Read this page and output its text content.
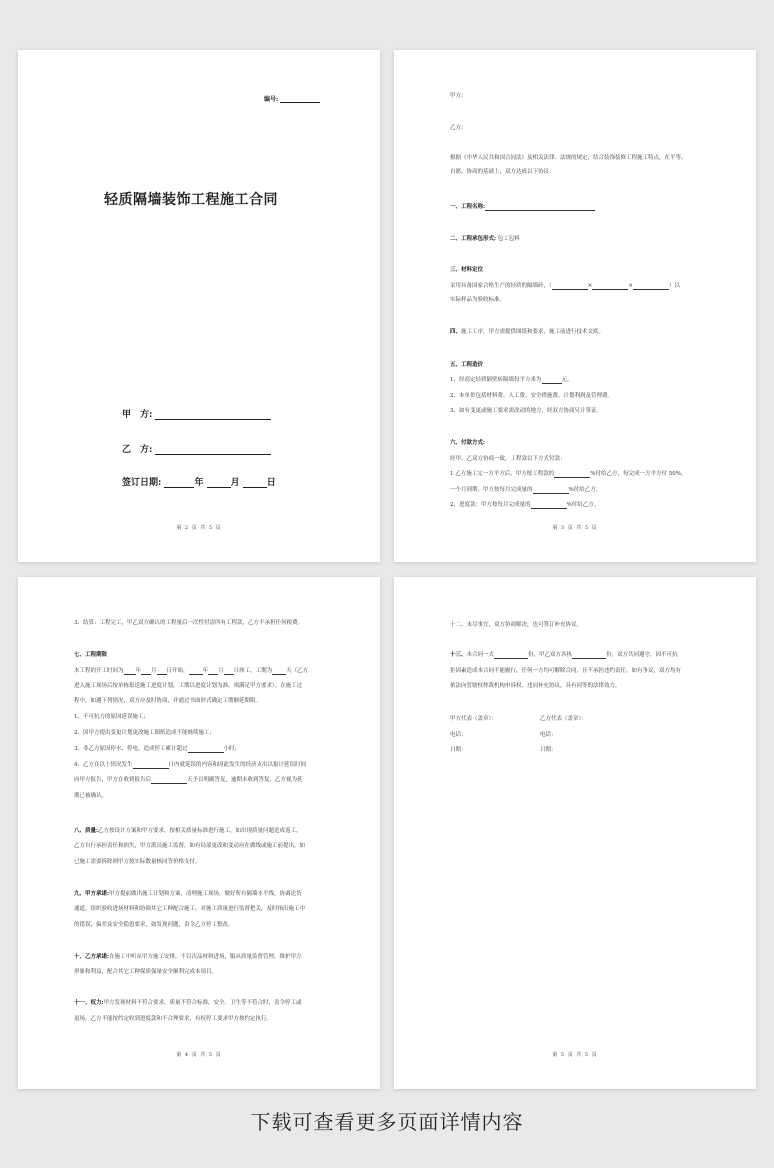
编号:
轻质隔墙装饰工程施工合同
甲　方:
乙　方:
签订日期:	年	月	日
第 2 页 共 5 页
甲方:
乙方:
根据《中华人民共和国合同法》及相关法律、法规的规定，结合装饰装修工程施工特点，在平等、
自愿、协商的基础上，双方达成以下协议：
一、工程名称:
二、工程承包形式: 包工包料
三、材料定位
采用具备国家合格生产的轻质的隔墙砖，（	×	×	）以
实际样品为验收标准。
四、施工工序，甲方需提供图纸和要求，施工前进行技术交底。
五、工程造价
1、经商定轻质隔壁砖隔墙每平方米为	元。
2、本单价包括材料费、人工费、安全措施费、计划利润及管理费。
3、如有变更或施工要求需改动的地方，经双方协商另计签证。
六、付款方式:
经甲、乙双方协商一致，工程款以下方式付款：
1 乙方施工完一方平方后，甲方按工程款的	%付给乙方，每完成一方平方付 50%。
一个月到期，甲方按每月完成量的	%付给乙方。
2、进度款：甲方按每月完成量的	%付给乙方。
第 3 页 共 5 页
3、结算：工程完工，甲乙双方确认的工程量后一次性付清所有工程款，乙方不承担任何税费。
七、工程期限
本工程的开工时间为 年 月 日开始，	年 月 日竣工，工期为	天（乙方
进入施工现场后按单栋报送施工进度计划，工期以进度计划为准，须满足甲方要求）。在施工过
程中，如遇下列情况，双方应及时协商，并通过书面形式确定工期顺延期限。
1、不可抗力的原因延误施工；
2、因甲方提出变更计划更改施工图纸造成不能继续施工；
3、非乙方原因停水、停电，造成停工累计超过	小时；
4、乙方在以上情况发生	日内就延误的内容和因此发生的经济支出以报计延误时间
向甲方报告，甲方在收到报告后	天予以明确答复，逾期未收到答复，乙方视为延
期已被确认。
八、质量:乙方按设计方案和甲方要求，按相关质量标准进行施工，如出现质量问题造成返工，
乙方自行承担责任和损失，甲方派员施工监督，如有局部更改和变动应在做线或施工前提出，如
已施工需要拆除则甲方按实际数量核同等价格支付。
九、甲方承诺:甲方提前做出施工计划和方案，清理施工现场，做好所有隔墙水平线，协调送货
通道，组织验收进场材料和协调其它工种配合施工，对施工质量进行监督把关，及时指出施工中
的错误、偏差及安全隐患要求，如发现问题，责令乙方停工整改。
十、乙方承诺:在施工中听从甲方施工安排，不以次品材料进场，服从质量监督管理，维护甲方
形象和利益，配合其它工种保质保量安全顺利完成本项目。
十一、权力:甲方发现材料不符合要求，质量不符合标准，安全、卫生等不符合时，责令停工或
退场，乙方不能按约定收到进度款和不合理要求，有权停工要求甲方按约定执行。
第 4 页 共 5 页
十二、未尽事宜，双方协商解决，也可签订补充协议。
十三、本合同一式	份，甲乙双方各执	份，双方共同遵守，因不可抗
拒因素造成本合同不能履行，任何一方均可解除合同，且不承担违约责任。如有争议，双方均有
依法向管辖权仲裁机构申诉权、违同补充协议，具有同等的法律效力。
甲方代表（盖章）：	乙方代表（盖章）：
电话：	电话：
日期：	日期：
第 5 页 共 5 页
下载可查看更多页面详情内容
